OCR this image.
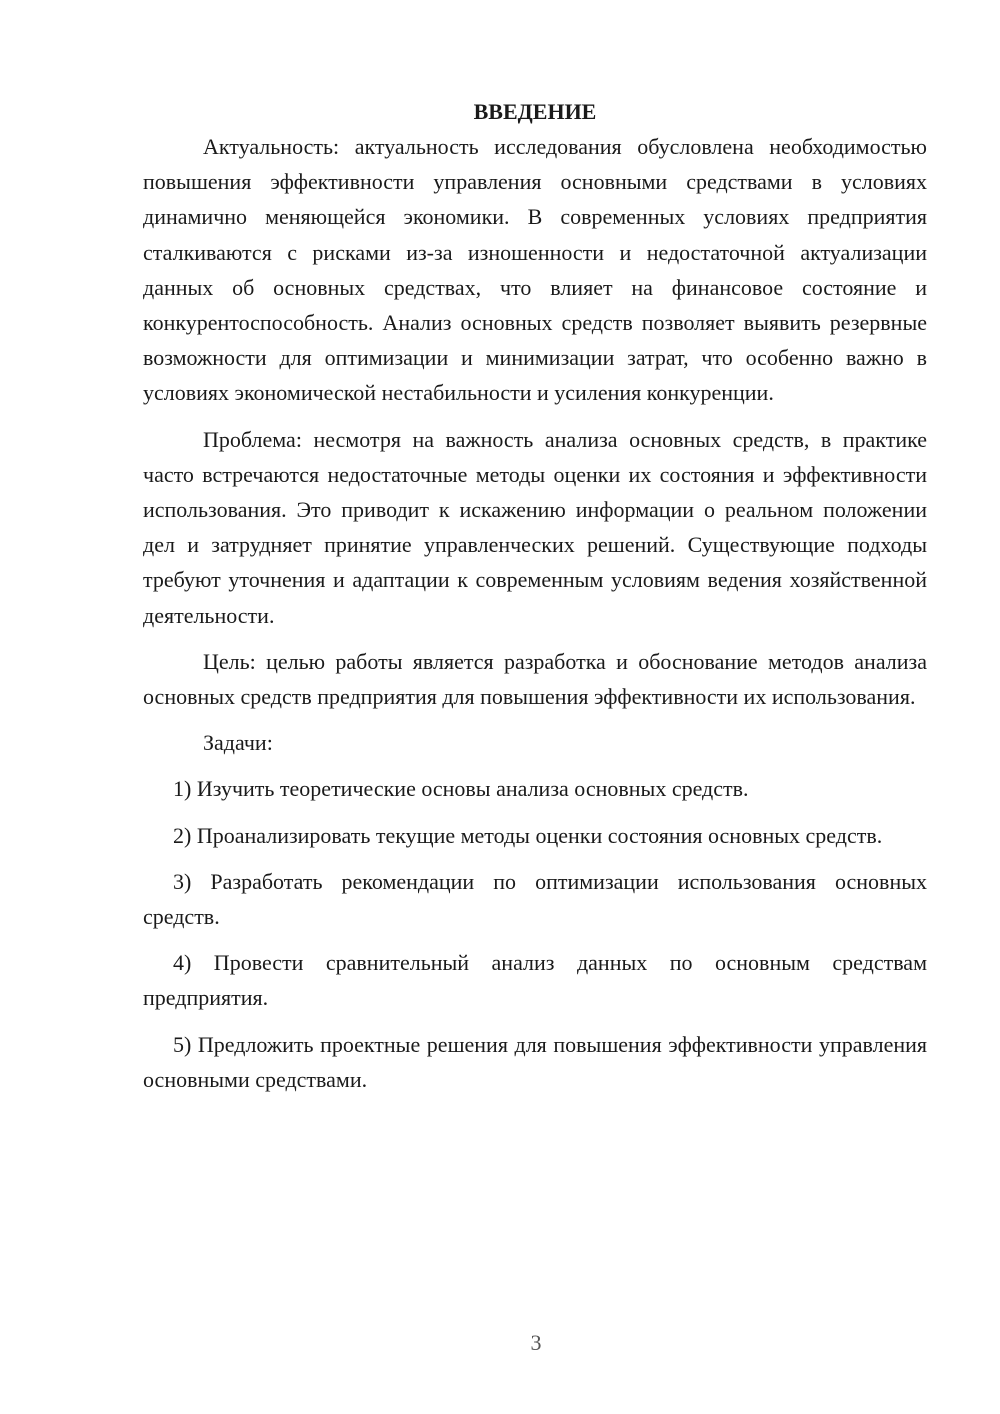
ВВЕДЕНИЕ

Актуальность: актуальность исследования обусловлена необходимостью повышения эффективности управления основными средствами в условиях динамично меняющейся экономики. В современных условиях предприятия сталкиваются с рисками из-за изношенности и недостаточной актуализации данных об основных средствах, что влияет на финансовое состояние и конкурентоспособность. Анализ основных средств позволяет выявить резервные возможности для оптимизации и минимизации затрат, что особенно важно в условиях экономической нестабильности и усиления конкуренции.

Проблема: несмотря на важность анализа основных средств, в практике часто встречаются недостаточные методы оценки их состояния и эффективности использования. Это приводит к искажению информации о реальном положении дел и затрудняет принятие управленческих решений. Существующие подходы требуют уточнения и адаптации к современным условиям ведения хозяйственной деятельности.

Цель: целью работы является разработка и обоснование методов анализа основных средств предприятия для повышения эффективности их использования.

Задачи:

1) Изучить теоретические основы анализа основных средств.

2) Проанализировать текущие методы оценки состояния основных средств.

3) Разработать рекомендации по оптимизации использования основных средств.

4) Провести сравнительный анализ данных по основным средствам предприятия.

5) Предложить проектные решения для повышения эффективности управления основными средствами.

3
